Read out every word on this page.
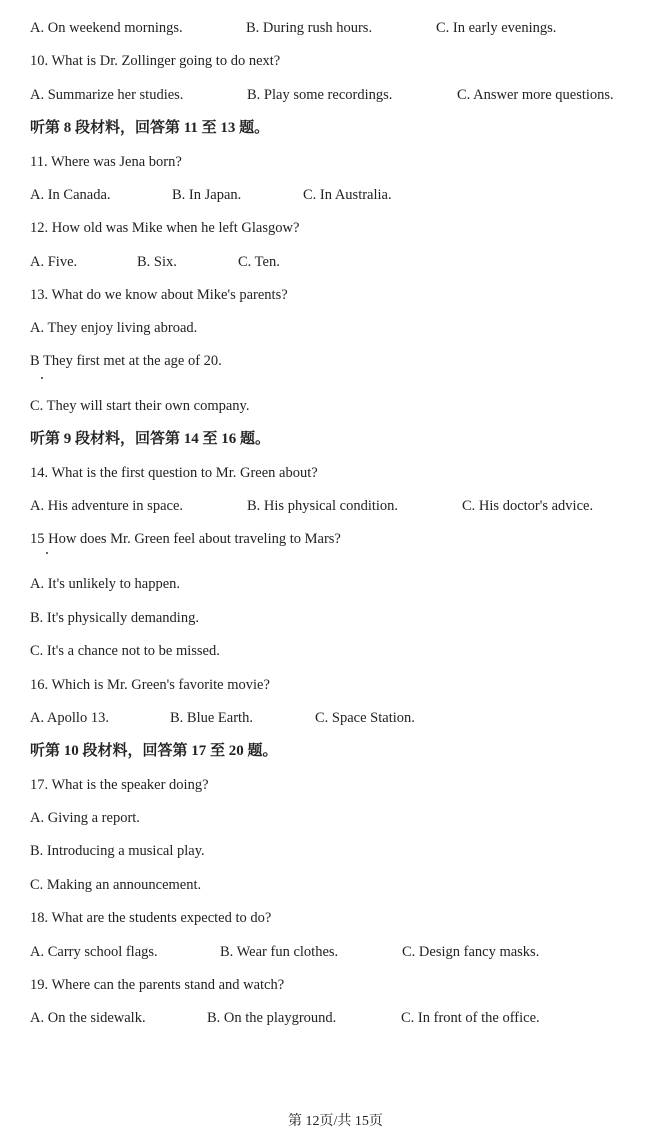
A. On weekend mornings.	B. During rush hours.	C. In early evenings.
10. What is Dr. Zollinger going to do next?
A. Summarize her studies.	B. Play some recordings.	C. Answer more questions.
听第 8 段材料，回答第 11 至 13 题。
11. Where was Jena born?
A. In Canada.	B. In Japan.	C. In Australia.
12. How old was Mike when he left Glasgow?
A. Five.	B. Six.	C. Ten.
13. What do we know about Mike's parents?
A. They enjoy living abroad.
B They first met at the age of 20.
C. They will start their own company.
听第 9 段材料，回答第 14 至 16 题。
14. What is the first question to Mr. Green about?
A. His adventure in space.	B. His physical condition.	C. His doctor's advice.
15 How does Mr. Green feel about traveling to Mars?
A. It's unlikely to happen.
B. It's physically demanding.
C. It's a chance not to be missed.
16. Which is Mr. Green's favorite movie?
A. Apollo 13.	B. Blue Earth.	C. Space Station.
听第 10 段材料，回答第 17 至 20 题。
17. What is the speaker doing?
A. Giving a report.
B. Introducing a musical play.
C. Making an announcement.
18. What are the students expected to do?
A. Carry school flags.	B. Wear fun clothes.	C. Design fancy masks.
19. Where can the parents stand and watch?
A. On the sidewalk.	B. On the playground.	C. In front of the office.
第 12页/共 15页
